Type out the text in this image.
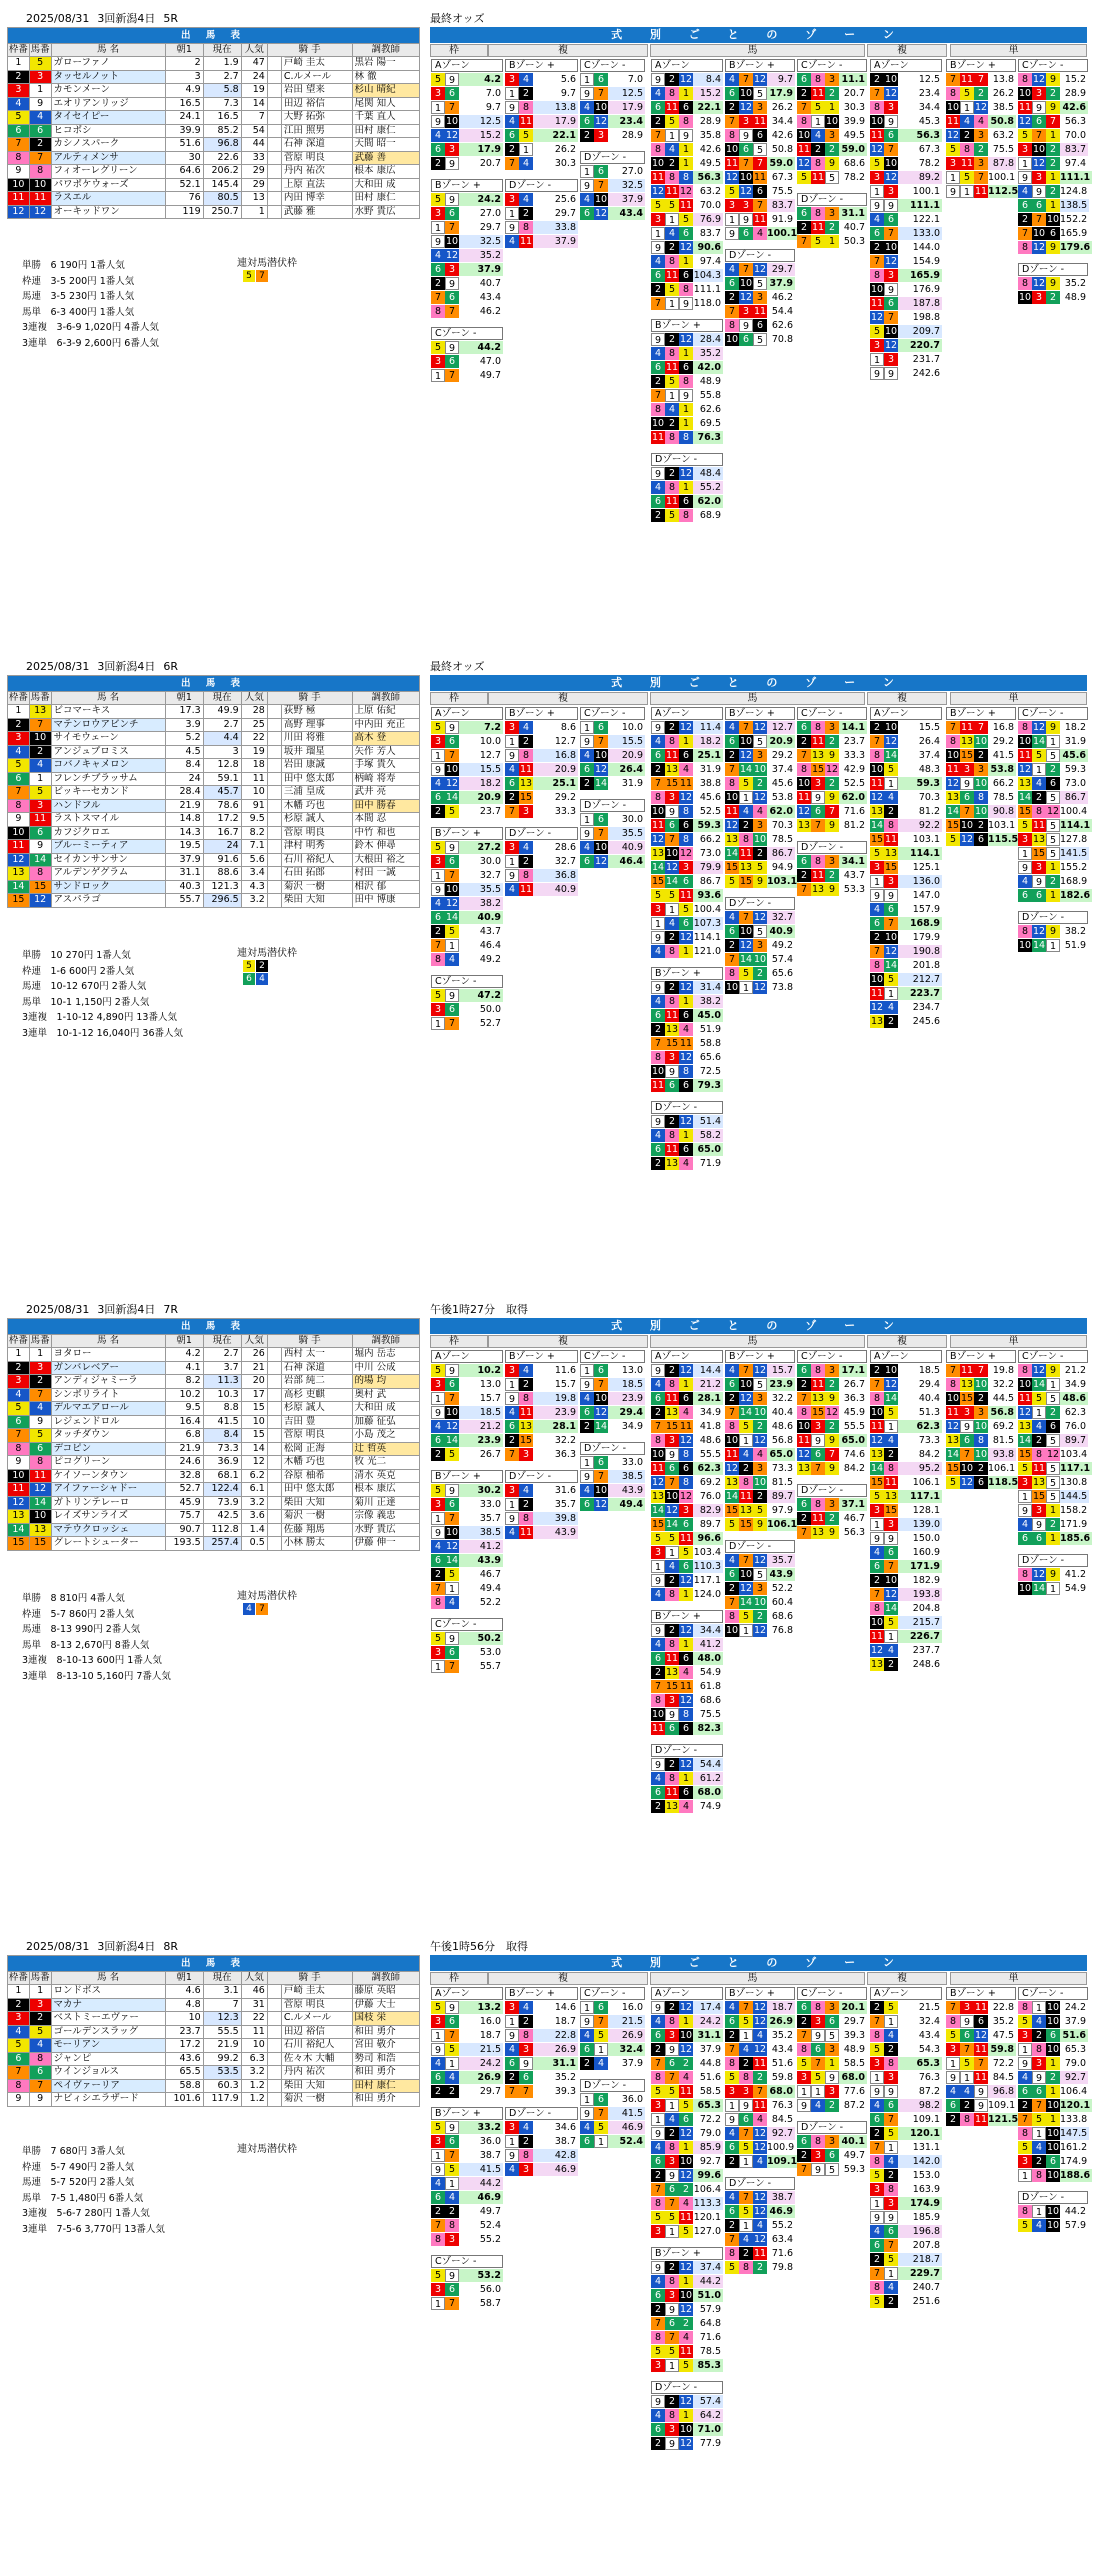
2025/08/31 3回新潟4日 5R
出 馬 表								
枠番	馬番	馬 名	朝1	現在	人気	騎 手		調教師
1	5	ガローファノ	2	1.9	47		戸崎 圭太	黒岩 陽一
2	3	タッセルノット	3	2.7	24		C.ルメール	林 徹
3	1	カモンメーン	4.9	5.8	19		岩田 望来	杉山 晴紀
4	9	エオリアンリッジ	16.5	7.3	14		田辺 裕信	尾関 知人
5	4	タイセイピー	24.1	16.5	7		大野 拓弥	千葉 直人
6	6	ヒコボシ	39.9	85.2	54		江田 照男	田村 康仁
7	2	カシノスパーク	51.6	96.8	44		石神 深道	天間 昭一
8	7	アルティメンサ	30	22.6	33		菅原 明良	武藤 善
9	8	フィオーレグリーン	64.6	206.2	29		丹内 祐次	根本 康広
10	10	パワポケウォーズ	52.1	145.4	29		上原 直法	大和田 成
11	11	ラスエル	76	80.5	13		内田 博幸	田村 康仁
12	12	オーキッドワン	119	250.7	1		武藤 雅	水野 貴広
単勝　6 190円 1番人気
枠連　3-5 200円 1番人気
馬連　3-5 230円 1番人気
馬単　6-3 400円 1番人気
3連複　3-6-9 1,020円 4番人気
3連単　6-3-9 2,600円 6番人気
連対馬潜伏枠
5 7
最終オッズ
式 別 ご と の ゾ ー ン
枠	複	馬	複	単
Aゾーン
5 9	4.2
3 6	7.0
1 7	9.7
9 10	12.5
4 12	15.2
6 3	17.9
2 9	20.7
Bゾーン +
5 9	24.2
3 6	27.0
1 7	29.7
9 10	32.5
4 12	35.2
6 3	37.9
2 9	40.7
7 6	43.4
8 7	46.2
Cゾーン -
5 9	44.2
3 6	47.0
1 7	49.7
Bゾーン +
3 4	5.6
1 2	9.7
9 8	13.8
4 11	17.9
6 5	22.1
2 1	26.2
7 4	30.3
Dゾーン -
3 4	25.6
1 2	29.7
9 8	33.8
4 11	37.9
Cゾーン -
1 6	7.0
9 7	12.5
4 10	17.9
6 12	23.4
2 3	28.9
Dゾーン -
1 6	27.0
9 7	32.5
4 10	37.9
6 12	43.4
Aゾーン
9 2 12	8.4
4 8 1	15.2
6 11 6 22.1
2 5 8	28.9
7 1 9	35.8
8 4 1	42.6
10 2 1	49.5
11 8 8 56.3
12 11 12 63.2
5 5 11 70.0
3 1 5	76.9
1 4 6	83.7
9 2 12 90.6
4 8 1	97.4
6 11 6 104.3
2 5 8 111.1
7 1 9 118.0
Bゾーン +
9 2 12 28.4
4 8 1	35.2
6 11 6 42.0
2 5 8	48.9
7 1 9	55.8
8 4 1	62.6
10 2 1	69.5
11 8 8 76.3
Dゾーン -
9 2 12 48.4
4 8 1	55.2
6 11 6 62.0
2 5 8	68.9
Bゾーン +
4 7 12	9.7
6 10 5 17.9
2 12 3 26.2
7 3 11 34.4
8 9 6 42.6
10 6 5 50.8
11 7 7 59.0
12 10 11 67.3
5 12 6 75.5
3 3 7 83.7
1 9 11 91.9
9 6 4 100.1
Dゾーン -
4 7 12 29.7
6 10 5 37.9
2 12 3 46.2
7 3 11 54.4
8 9 6 62.6
10 6 5 70.8
Cゾーン -
6 8 3 11.1
2 11 2 20.7
7 5 1 30.3
8 1 10 39.9
10 4 3 49.5
11 2 2 59.0
12 8 9 68.6
5 11 5 78.2
Dゾーン -
6 8 3 31.1
2 11 2 40.7
7 5 1 50.3
Aゾーン
2 10	12.5
7 12	23.4
8 3	34.4
10 9	45.3
11 6	56.3
12 7	67.3
5 10	78.2
3 12	89.2
1 3	100.1
9 9	111.1
4 6	122.1
6 7	133.0
2 10	144.0
7 12	154.9
8 3	165.9
10 9	176.9
11 6	187.8
12 7	198.8
5 10	209.7
3 12	220.7
1 3	231.7
9 9	242.6
Bゾーン +
7 11 7 13.8
8 5 2 26.2
10 1 12 38.5
11 4 4 50.8
12 2 3 63.2
5 8 2 75.5
3 11 3 87.8
1 5 7 100.1
9 1 11 112.5
Cゾーン -
8 12 9 15.2
10 3 2 28.9
11 9 9 42.6
12 6 7 56.3
5 7 1 70.0
3 10 2 83.7
1 12 2 97.4
9 3 1 111.1
4 9 2 124.8
6 6 1 138.5
2 7 10 152.2
7 10 6 165.9
8 12 9 179.6
Dゾーン -
8 12 9 35.2
10 3 2 48.9
2025/08/31 3回新潟4日 6R
出 馬 表								
枠番	馬番	馬 名	朝1	現在	人気	騎 手		調教師
1	13	ビコマーキス	17.3	49.9	28		荻野 極	上原 佑紀
2	7	マテンロウアビンチ	3.9	2.7	25		高野 理事	中内田 充正
3	10	サイモウェーン	5.2	4.4	22		川田 将雅	高木 登
4	2	アンジュプロミス	4.5	3	19		坂井 瑠星	矢作 芳人
5	4	コバノキャメロン	8.4	12.8	18		岩田 康誠	手塚 貴久
6	1	フレンチブラッサム	24	59.1	11		田中 悠太郎	柄崎 将寿
7	5	ビッキーセカンド	28.4	45.7	10		三浦 皇成	武井 亮
8	3	ハンドフル	21.9	78.6	91		木幡 巧也	田中 勝春
9	11	ラストスマイル	14.8	17.2	9.5		杉原 誠人	本間 忍
10	6	カフジクロエ	14.3	16.7	8.2		菅原 明良	中竹 和也
11	9	ブルーミーティア	19.5	24	7.1		津村 明秀	鈴木 伸尋
12	14	セイカンサンサン	37.9	91.6	5.6		石川 裕紀人	大根田 裕之
13	8	アルデンゲグラム	31.1	88.6	3.4		石田 拓郎	村田 一誠
14	15	サンドロック	40.3	121.3	4.3		菊沢 一樹	相沢 郁
15	12	アスパラゴ	55.7	296.5	3.2		柴田 大知	田中 博康
単勝　10 270円 1番人気
枠連　1-6 600円 2番人気
馬連　10-12 670円 2番人気
馬単　10-1 1,150円 2番人気
3連複　1-10-12 4,890円 13番人気
3連単　10-1-12 16,040円 36番人気
連対馬潜伏枠
5 2
6 4
最終オッズ
式 別 ご と の ゾ ー ン
枠	複	馬	複	単
Aゾーン
5 9	7.2
3 6	10.0
1 7	12.7
9 10	15.5
4 12	18.2
6 14	20.9
2 5	23.7
Bゾーン +
5 9	27.2
3 6	30.0
1 7	32.7
9 10	35.5
4 12	38.2
6 14	40.9
2 5	43.7
7 1	46.4
8 4	49.2
Cゾーン -
5 9	47.2
3 6	50.0
1 7	52.7
Bゾーン +
3 4	8.6
1 2	12.7
9 8	16.8
4 11	20.9
6 13	25.1
2 15	29.2
7 3	33.3
Dゾーン -
3 4	28.6
1 2	32.7
9 8	36.8
4 11	40.9
Cゾーン -
1 6	10.0
9 7	15.5
4 10	20.9
6 12	26.4
2 14	31.9
Dゾーン -
1 6	30.0
9 7	35.5
4 10	40.9
6 12	46.4
Aゾーン
9 2 12 11.4
4 8 1	18.2
6 11 6 25.1
2 13 4	31.9
7 15 11 38.8
8 3 12 45.6
10 9 8	52.5
11 6 6 59.3
12 7 8	66.2
13 10 12 73.0
14 12 3	79.9
15 14 6	86.7
5 5 11 93.6
3 1 5 100.4
1 4 6 107.3
9 2 12 114.1
4 8 1 121.0
Bゾーン +
9 2 12 31.4
4 8 1	38.2
6 11 6 45.0
2 13 4	51.9
7 15 11 58.8
8 3 12 65.6
10 9 8	72.5
11 6 6 79.3
Dゾーン -
9 2 12 51.4
4 8 1	58.2
6 11 6 65.0
2 13 4	71.9
Bゾーン +
4 7 12 12.7
6 10 5 20.9
2 12 3 29.2
7 14 10 37.4
8 5 2 45.6
10 1 12 53.8
11 4 4 62.0
12 2 3 70.3
13 8 10 78.5
14 11 2 86.7
15 13 5 94.9
5 15 9 103.1
Dゾーン -
4 7 12 32.7
6 10 5 40.9
2 12 3 49.2
7 14 10 57.4
8 5 2 65.6
10 1 12 73.8
Cゾーン -
6 8 3 14.1
2 11 2 23.7
7 13 9 33.3
8 15 12 42.9
10 3 2 52.5
11 9 9 62.0
12 6 7 71.6
13 7 9 81.2
Dゾーン -
6 8 3 34.1
2 11 2 43.7
7 13 9 53.3
Aゾーン
2 10	15.5
7 12	26.4
8 14	37.4
10 5	48.3
11 1	59.3
12 4	70.3
13 2	81.2
14 8	92.2
15 11	103.1
5 13	114.1
3 15	125.1
1 3	136.0
9 9	147.0
4 6	157.9
6 7	168.9
2 10	179.9
7 12	190.8
8 14	201.8
10 5	212.7
11 1	223.7
12 4	234.7
13 2	245.6
Bゾーン +
7 11 7 16.8
8 13 10 29.2
10 15 2 41.5
11 3 3 53.8
12 9 10 66.2
13 6 8 78.5
14 7 10 90.8
15 10 2 103.1
5 12 6 115.5
Cゾーン -
8 12 9 18.2
10 14 1 31.9
11 5 5 45.6
12 1 2 59.3
13 4 6 73.0
14 2 5 86.7
15 8 12 100.4
5 11 5 114.1
3 13 5 127.8
1 15 5 141.5
9 3 1 155.2
4 9 2 168.9
6 6 1 182.6
Dゾーン -
8 12 9 38.2
10 14 1 51.9
2025/08/31 3回新潟4日 7R
出 馬 表								
枠番	馬番	馬 名	朝1	現在	人気	騎 手		調教師
1	1	ヨタロー	4.2	2.7	26		西村 太一	堀内 岳志
2	3	ガンバレベアー	4.1	3.7	21		石神 深道	中川 公成
3	2	アンディジャミーラ	8.2	11.3	20		岩部 純二	的場 均
4	7	シンボリライト	10.2	10.3	17		高杉 吏麒	奥村 武
5	4	デルマエアロール	9.5	8.8	15		杉原 誠人	大和田 成
6	9	レジェンドロル	16.4	41.5	10		吉田 豊	加藤 征弘
7	5	タッチダウン	6.8	8.4	15		菅原 明良	小島 茂之
8	6	デコピン	21.9	73.3	14		松岡 正海	辻 哲英
9	8	ピコグリーン	24.6	36.9	12		木幡 巧也	牧 光二
10	11	ケイソーンタウン	32.8	68.1	6.2		谷原 柚希	清水 英克
11	12	アイファーシャドー	52.7	122.4	6.1		田中 悠太郎	根本 康広
12	14	ガトリンテレーロ	45.9	73.9	3.2		柴田 大知	菊川 正達
13	10	レイズサンライズ	75.7	42.5	3.6		菊沢 一樹	宗像 義忠
14	13	マテウクロッシェ	90.7	112.8	1.4		佐藤 翔馬	水野 貴広
15	15	グレートシューター	193.5	257.4	0.5		小林 勝太	伊藤 伸一
単勝　8 810円 4番人気
枠連　5-7 860円 2番人気
馬連　8-13 990円 2番人気
馬単　8-13 2,670円 8番人気
3連複　8-10-13 600円 1番人気
3連単　8-13-10 5,160円 7番人気
連対馬潜伏枠
4 7
午後1時27分　取得
式 別 ご と の ゾ ー ン
枠	複	馬	複	単
Aゾーン
5 9	10.2
3 6	13.0
1 7	15.7
9 10	18.5
4 12	21.2
6 14	23.9
2 5	26.7
Bゾーン +
5 9	30.2
3 6	33.0
1 7	35.7
9 10	38.5
4 12	41.2
6 14	43.9
2 5	46.7
7 1	49.4
8 4	52.2
Cゾーン -
5 9	50.2
3 6	53.0
1 7	55.7
Bゾーン +
3 4	11.6
1 2	15.7
9 8	19.8
4 11	23.9
6 13	28.1
2 15	32.2
7 3	36.3
Dゾーン -
3 4	31.6
1 2	35.7
9 8	39.8
4 11	43.9
Cゾーン -
1 6	13.0
9 7	18.5
4 10	23.9
6 12	29.4
2 14	34.9
Dゾーン -
1 6	33.0
9 7	38.5
4 10	43.9
6 12	49.4
Aゾーン
9 2 12 14.4
4 8 1	21.2
6 11 6 28.1
2 13 4	34.9
7 15 11 41.8
8 3 12 48.6
10 9 8	55.5
11 6 6 62.3
12 7 8	69.2
13 10 12 76.0
14 12 3	82.9
15 14 6	89.7
5 5 11 96.6
3 1 5 103.4
1 4 6 110.3
9 2 12 117.1
4 8 1 124.0
Bゾーン +
9 2 12 34.4
4 8 1	41.2
6 11 6 48.0
2 13 4	54.9
7 15 11 61.8
8 3 12 68.6
10 9 8	75.5
11 6 6 82.3
Dゾーン -
9 2 12 54.4
4 8 1	61.2
6 11 6 68.0
2 13 4	74.9
Bゾーン +
4 7 12 15.7
6 10 5 23.9
2 12 3 32.2
7 14 10 40.4
8 5 2 48.6
10 1 12 56.8
11 4 4 65.0
12 2 3 73.3
13 8 10 81.5
14 11 2 89.7
15 13 5 97.9
5 15 9 106.1
Dゾーン -
4 7 12 35.7
6 10 5 43.9
2 12 3 52.2
7 14 10 60.4
8 5 2 68.6
10 1 12 76.8
Cゾーン -
6 8 3 17.1
2 11 2 26.7
7 13 9 36.3
8 15 12 45.9
10 3 2 55.5
11 9 9 65.0
12 6 7 74.6
13 7 9 84.2
Dゾーン -
6 8 3 37.1
2 11 2 46.7
7 13 9 56.3
Aゾーン
2 10	18.5
7 12	29.4
8 14	40.4
10 5	51.3
11 1	62.3
12 4	73.3
13 2	84.2
14 8	95.2
15 11	106.1
5 13	117.1
3 15	128.1
1 3	139.0
9 9	150.0
4 6	160.9
6 7	171.9
2 10	182.9
7 12	193.8
8 14	204.8
10 5	215.7
11 1	226.7
12 4	237.7
13 2	248.6
Bゾーン +
7 11 7 19.8
8 13 10 32.2
10 15 2 44.5
11 3 3 56.8
12 9 10 69.2
13 6 8 81.5
14 7 10 93.8
15 10 2 106.1
5 12 6 118.5
Cゾーン -
8 12 9 21.2
10 14 1 34.9
11 5 5 48.6
12 1 2 62.3
13 4 6 76.0
14 2 5 89.7
15 8 12 103.4
5 11 5 117.1
3 13 5 130.8
1 15 5 144.5
9 3 1 158.2
4 9 2 171.9
6 6 1 185.6
Dゾーン -
8 12 9 41.2
10 14 1 54.9
2025/08/31 3回新潟4日 8R
出 馬 表								
枠番	馬番	馬 名	朝1	現在	人気	騎 手		調教師
1	1	ロンドボス	4.6	3.1	46		戸崎 圭太	藤原 英昭
2	3	マカナ	4.8	7	31		菅原 明良	伊藤 大士
3	2	ベストミーエヴァー	10	12.3	22		C.ルメール	国枝 栄
4	5	ゴールデンスラッグ	23.7	55.5	11		田辺 裕信	和田 勇介
5	4	モーリアン	17.2	21.9	10		石川 裕紀人	宮田 敬介
6	8	ジャンピ	43.6	99.2	6.3		佐々木 大輔	勢司 和浩
7	6	ウインジョルス	65.5	53.5	3.2		丹内 祐次	和田 勇介
8	7	ペイヴァーリア	58.8	60.3	1.2		柴田 大知	田村 康仁
9	9	ナビィシエラザード	101.6	117.9	1.2		菊沢 一樹	和田 勇介
単勝　7 680円 3番人気
枠連　5-7 490円 2番人気
馬連　5-7 520円 2番人気
馬単　7-5 1,480円 6番人気
3連複　5-6-7 280円 1番人気
3連単　7-5-6 3,770円 13番人気
連対馬潜伏枠
午後1時56分　取得
式 別 ご と の ゾ ー ン
枠	複	馬	複	単
Aゾーン
5 9	13.2
3 6	16.0
1 7	18.7
9 5	21.5
4 1	24.2
6 4	26.9
2 2	29.7
Bゾーン +
5 9	33.2
3 6	36.0
1 7	38.7
9 5	41.5
4 1	44.2
6 4	46.9
2 2	49.7
7 8	52.4
8 3	55.2
Cゾーン -
5 9	53.2
3 6	56.0
1 7	58.7
Bゾーン +
3 4	14.6
1 2	18.7
9 8	22.8
4 3	26.9
6 9	31.1
2 6	35.2
7 7	39.3
Dゾーン -
3 4	34.6
1 2	38.7
9 8	42.8
4 3	46.9
Cゾーン -
1 6	16.0
9 7	21.5
4 5	26.9
6 1	32.4
2 4	37.9
Dゾーン -
1 6	36.0
9 7	41.5
4 5	46.9
6 1	52.4
Aゾーン
9 2 12 17.4
4 8 1	24.2
6 3 10 31.1
2 9 12 37.9
7 6 2	44.8
8 7 4	51.6
5 5 11 58.5
3 1 5 65.3
1 4 6	72.2
9 2 12 79.0
4 8 1	85.9
6 3 10 92.7
2 9 12 99.6
7 6 2 106.4
8 7 4 113.3
5 5 11 120.1
3 1 5 127.0
Bゾーン +
9 2 12 37.4
4 8 1	44.2
6 3 10 51.0
2 9 12 57.9
7 6 2	64.8
8 7 4	71.6
5 5 11 78.5
3 1 5 85.3
Dゾーン -
9 2 12 57.4
4 8 1	64.2
6 3 10 71.0
2 9 12 77.9
Bゾーン +
4 7 12 18.7
6 5 12 26.9
2 1 4 35.2
7 4 12 43.4
8 2 11 51.6
5 8 2 59.8
3 3 7 68.0
1 9 11 76.3
9 6 4 84.5
4 7 12 92.7
6 5 12 100.9
2 1 4 109.1
Dゾーン -
4 7 12 38.7
6 5 12 46.9
2 1 4 55.2
7 4 12 63.4
8 2 11 71.6
5 8 2 79.8
Cゾーン -
6 8 3 20.1
2 3 6 29.7
7 9 5 39.3
8 6 3 48.9
5 7 1 58.5
3 5 9 68.0
1 1 3 77.6
9 4 2 87.2
Dゾーン -
6 8 3 40.1
2 3 6 49.7
7 9 5 59.3
Aゾーン
2 5	21.5
7 1	32.4
8 4	43.4
5 2	54.3
3 8	65.3
1 3	76.3
9 9	87.2
4 6	98.2
6 7	109.1
2 5	120.1
7 1	131.1
8 4	142.0
5 2	153.0
3 8	163.9
1 3	174.9
9 9	185.9
4 6	196.8
6 7	207.8
2 5	218.7
7 1	229.7
8 4	240.7
5 2	251.6
Bゾーン +
7 3 11 22.8
8 9 6 35.2
5 6 12 47.5
3 7 11 59.8
1 5 7 72.2
9 1 11 84.5
4 4 9 96.8
6 2 9 109.1
2 8 11 121.5
Cゾーン -
8 1 10 24.2
5 4 10 37.9
3 2 6 51.6
1 8 10 65.3
9 3 1 79.0
4 9 2 92.7
6 6 1 106.4
2 7 10 120.1
7 5 1 133.8
8 1 10 147.5
5 4 10 161.2
3 2 6 174.9
1 8 10 188.6
Dゾーン -
8 1 10 44.2
5 4 10 57.9
